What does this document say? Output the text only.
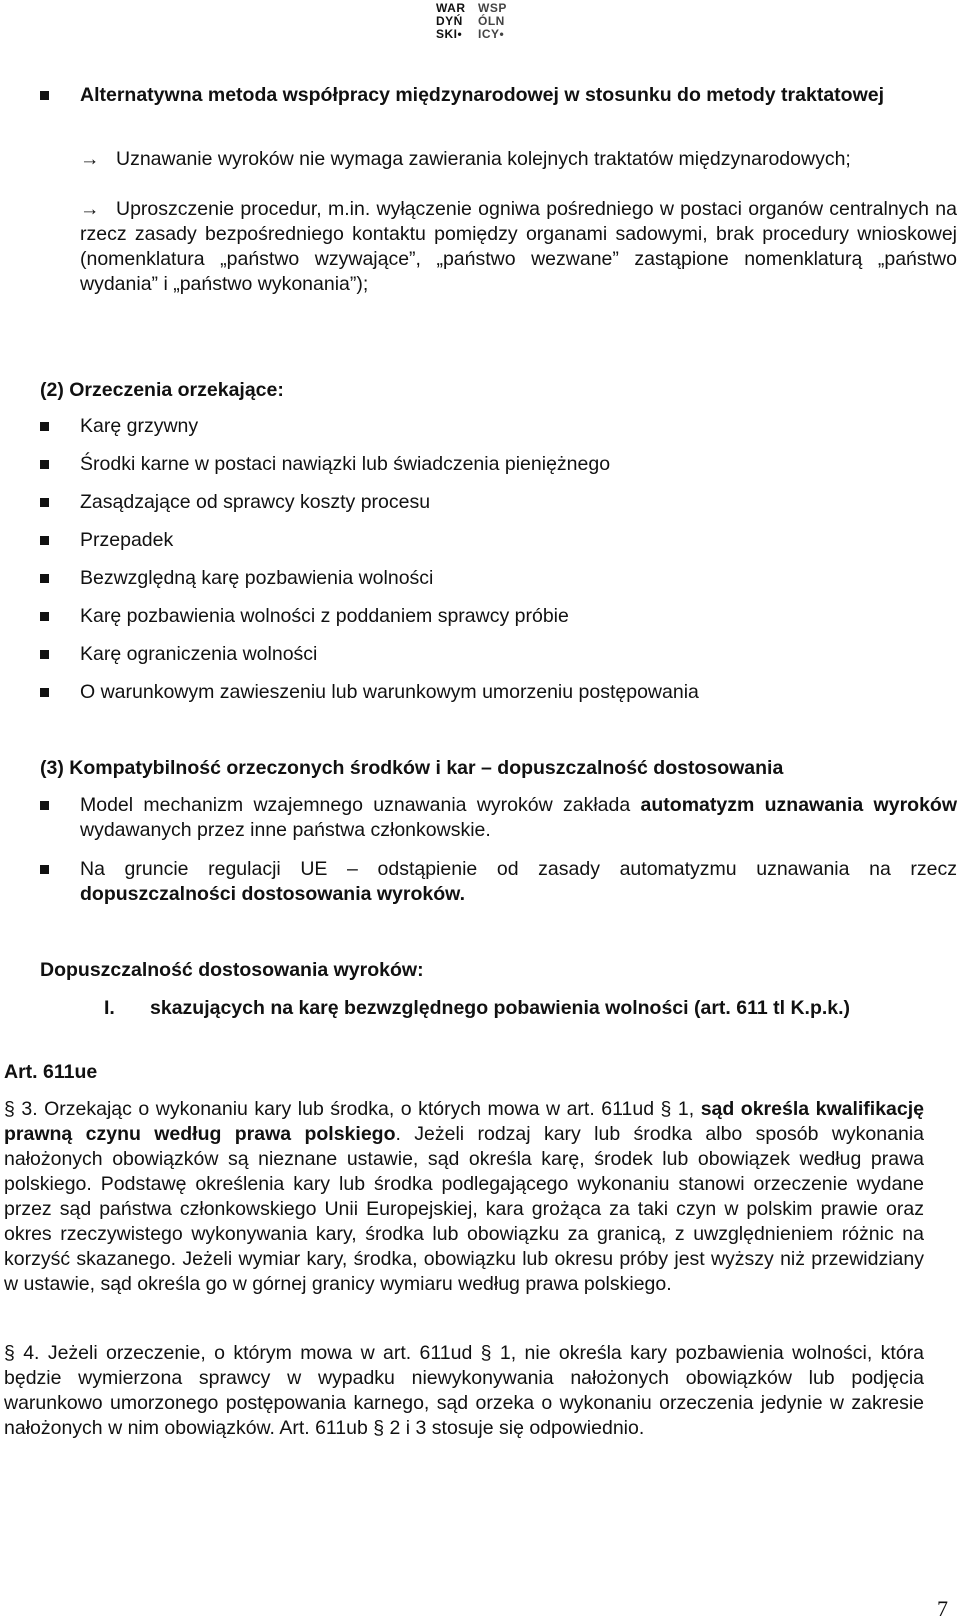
WAR	WSP
DYŃ	ÓLN
SKI•	ICY•
Alternatywna metoda współpracy międzynarodowej w stosunku do metody traktatowej
→ Uznawanie wyroków nie wymaga zawierania kolejnych traktatów międzynarodowych;
→ Uproszczenie procedur, m.in. wyłączenie ogniwa pośredniego w postaci organów centralnych na rzecz zasady bezpośredniego kontaktu pomiędzy organami sadowymi, brak procedury wnioskowej (nomenklatura „państwo wzywające”, „państwo wezwane” zastąpione nomenklaturą „państwo wydania” i „państwo wykonania”);
(2) Orzeczenia orzekające:
Karę grzywny
Środki karne w postaci nawiązki lub świadczenia pieniężnego
Zasądzające od sprawcy koszty procesu
Przepadek
Bezwzględną karę pozbawienia wolności
Karę pozbawienia wolności z poddaniem sprawcy próbie
Karę ograniczenia wolności
O warunkowym zawieszeniu lub warunkowym umorzeniu postępowania
(3) Kompatybilność orzeczonych środków i kar – dopuszczalność dostosowania
Model mechanizm wzajemnego uznawania wyroków zakłada automatyzm uznawania wyroków wydawanych przez inne państwa członkowskie.
Na gruncie regulacji UE – odstąpienie od zasady automatyzmu uznawania na rzecz dopuszczalności dostosowania wyroków.
Dopuszczalność dostosowania wyroków:
I. skazujących na karę bezwzględnego pobawienia wolności (art. 611 tl K.p.k.)
Art. 611ue
§ 3. Orzekając o wykonaniu kary lub środka, o których mowa w art. 611ud § 1, sąd określa kwalifikację prawną czynu według prawa polskiego. Jeżeli rodzaj kary lub środka albo sposób wykonania nałożonych obowiązków są nieznane ustawie, sąd określa karę, środek lub obowiązek według prawa polskiego. Podstawę określenia kary lub środka podlegającego wykonaniu stanowi orzeczenie wydane przez sąd państwa członkowskiego Unii Europejskiej, kara grożąca za taki czyn w polskim prawie oraz okres rzeczywistego wykonywania kary, środka lub obowiązku za granicą, z uwzględnieniem różnic na korzyść skazanego. Jeżeli wymiar kary, środka, obowiązku lub okresu próby jest wyższy niż przewidziany w ustawie, sąd określa go w górnej granicy wymiaru według prawa polskiego.
§ 4. Jeżeli orzeczenie, o którym mowa w art. 611ud § 1, nie określa kary pozbawienia wolności, która będzie wymierzona sprawcy w wypadku niewykonywania nałożonych obowiązków lub podjęcia warunkowo umorzonego postępowania karnego, sąd orzeka o wykonaniu orzeczenia jedynie w zakresie nałożonych w nim obowiązków. Art. 611ub § 2 i 3 stosuje się odpowiednio.
7
